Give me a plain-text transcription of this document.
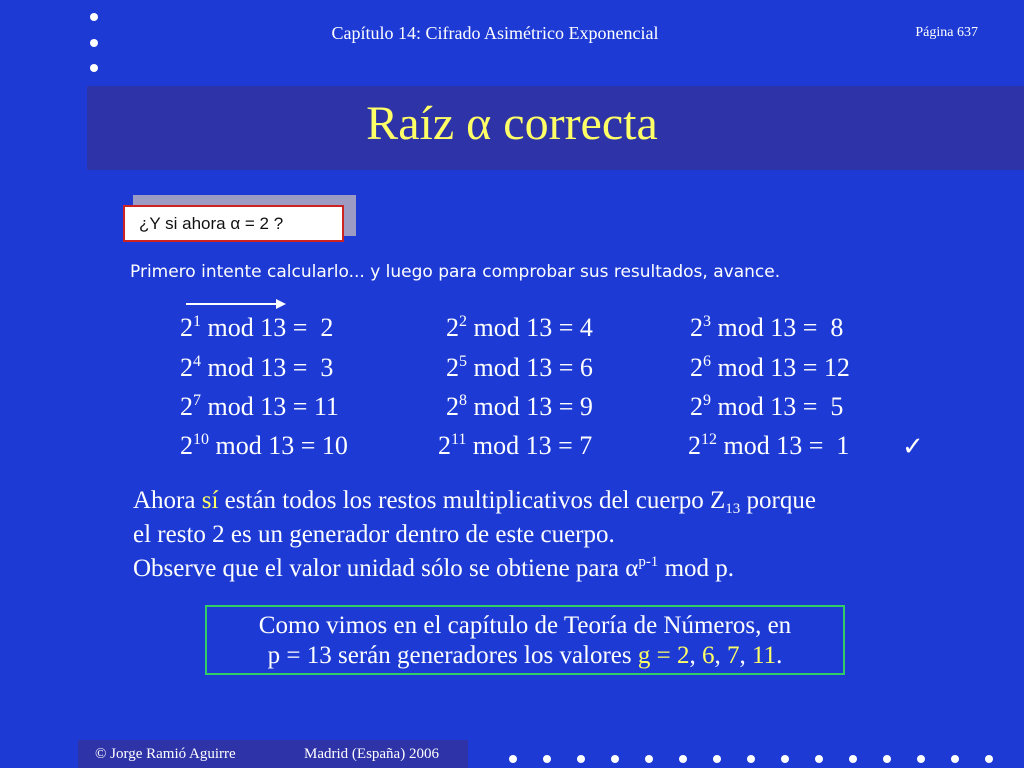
Capítulo 14: Cifrado Asimétrico Exponencial	Página 637
Raíz α correcta
¿Y si ahora α = 2 ?
Primero intente calcularlo... y luego para comprobar sus resultados, avance.
$2^1$ mod 13 =  2	$2^2$ mod 13 = 4	$2^3$ mod 13 =  8
$2^4$ mod 13 =  3	$2^5$ mod 13 = 6	$2^6$ mod 13 = 12
$2^7$ mod 13 = 11	$2^8$ mod 13 = 9	$2^9$ mod 13 =  5
$2^{10}$ mod 13 = 10	$2^{11}$ mod 13 = 7	$2^{12}$ mod 13 =  1 ✓
Ahora sí están todos los restos multiplicativos del cuerpo $Z_{13}$ porque
el resto 2 es un generador dentro de este cuerpo.
Observe que el valor unidad sólo se obtiene para $\alpha^{p-1}$ mod p.
Como vimos en el capítulo de Teoría de Números, en
p = 13 serán generadores los valores g = 2, 6, 7, 11.
© Jorge Ramió Aguirre	Madrid (España) 2006
